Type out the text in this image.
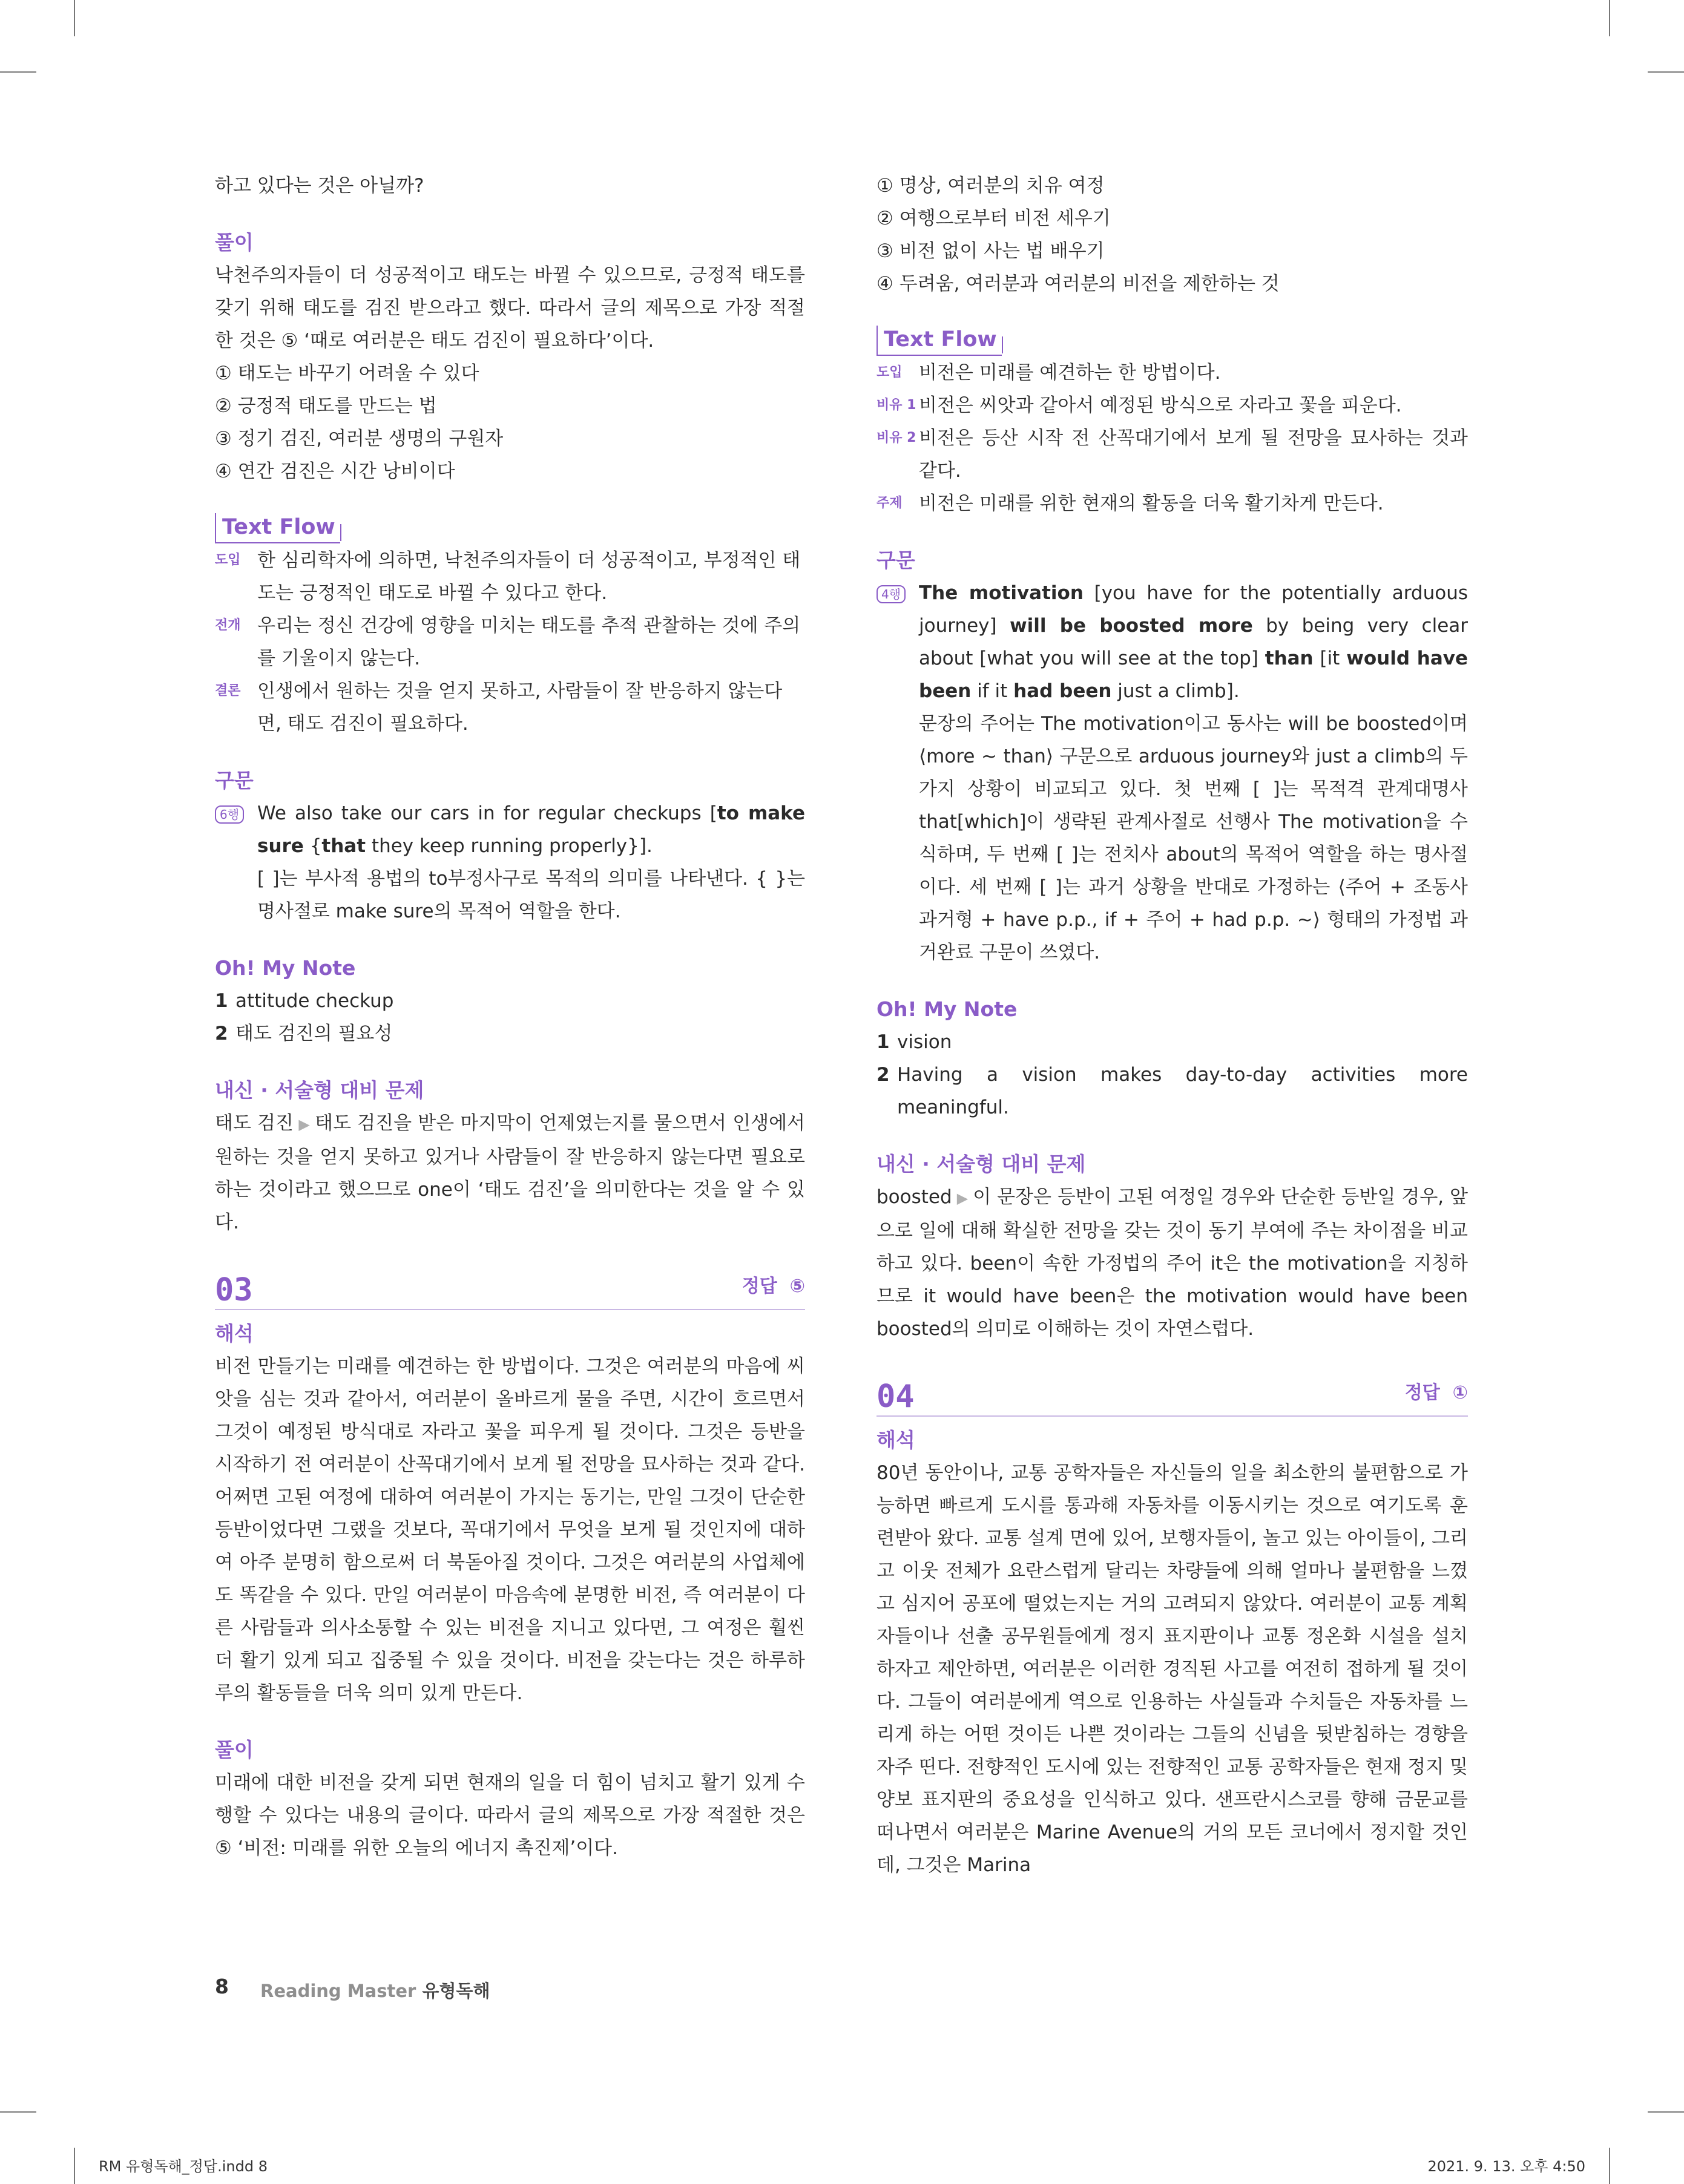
하고 있다는 것은 아닐까?

풀이

낙천주의자들이 더 성공적이고 태도는 바뀔 수 있으므로, 긍정적 태도를 갖기 위해 태도를 검진 받으라고 했다. 따라서 글의 제목으로 가장 적절한 것은 ⑤ ‘때로 여러분은 태도 검진이 필요하다’이다.

① 태도는 바꾸기 어려울 수 있다

② 긍정적 태도를 만드는 법

③ 정기 검진, 여러분 생명의 구원자

④ 연간 검진은 시간 낭비이다

Text Flow
도입 한 심리학자에 의하면, 낙천주의자들이 더 성공적이고, 부정적인 태도는 긍정적인 태도로 바뀔 수 있다고 한다.
전개 우리는 정신 건강에 영향을 미치는 태도를 추적 관찰하는 것에 주의를 기울이지 않는다.
결론 인생에서 원하는 것을 얻지 못하고, 사람들이 잘 반응하지 않는다면, 태도 검진이 필요하다.
구문
6행 We also take our cars in for regular checkups [to make sure {that they keep running properly}].

[ ]는 부사적 용법의 to부정사구로 목적의 의미를 나타낸다. { }는 명사절로 make sure의 목적어 역할을 한다.

Oh! My Note
1 attitude checkup
2 태도 검진의 필요성
내신 · 서술형 대비 문제

태도 검진 ▶ 태도 검진을 받은 마지막이 언제였는지를 물으면서 인생에서 원하는 것을 얻지 못하고 있거나 사람들이 잘 반응하지 않는다면 필요로 하는 것이라고 했으므로 one이 ‘태도 검진’을 의미한다는 것을 알 수 있다.

03	정답 ⑤
해석

비전 만들기는 미래를 예견하는 한 방법이다. 그것은 여러분의 마음에 씨앗을 심는 것과 같아서, 여러분이 올바르게 물을 주면, 시간이 흐르면서 그것이 예정된 방식대로 자라고 꽃을 피우게 될 것이다. 그것은 등반을 시작하기 전 여러분이 산꼭대기에서 보게 될 전망을 묘사하는 것과 같다. 어쩌면 고된 여정에 대하여 여러분이 가지는 동기는, 만일 그것이 단순한 등반이었다면 그랬을 것보다, 꼭대기에서 무엇을 보게 될 것인지에 대하여 아주 분명히 함으로써 더 북돋아질 것이다. 그것은 여러분의 사업체에도 똑같을 수 있다. 만일 여러분이 마음속에 분명한 비전, 즉 여러분이 다른 사람들과 의사소통할 수 있는 비전을 지니고 있다면, 그 여정은 훨씬 더 활기 있게 되고 집중될 수 있을 것이다. 비전을 갖는다는 것은 하루하루의 활동들을 더욱 의미 있게 만든다.

풀이

미래에 대한 비전을 갖게 되면 현재의 일을 더 힘이 넘치고 활기 있게 수행할 수 있다는 내용의 글이다. 따라서 글의 제목으로 가장 적절한 것은 ⑤ ‘비전: 미래를 위한 오늘의 에너지 촉진제’이다.

① 명상, 여러분의 치유 여정

② 여행으로부터 비전 세우기

③ 비전 없이 사는 법 배우기

④ 두려움, 여러분과 여러분의 비전을 제한하는 것

Text Flow
도입 비전은 미래를 예견하는 한 방법이다.
비유 1 비전은 씨앗과 같아서 예정된 방식으로 자라고 꽃을 피운다.
비유 2 비전은 등산 시작 전 산꼭대기에서 보게 될 전망을 묘사하는 것과 같다.
주제 비전은 미래를 위한 현재의 활동을 더욱 활기차게 만든다.
구문
4행 The motivation [you have for the potentially arduous journey] will be boosted more by being very clear about [what you will see at the top] than [it would have been if it had been just a climb].

문장의 주어는 The motivation이고 동사는 will be boosted이며 ⟨more ~ than⟩ 구문으로 arduous journey와 just a climb의 두 가지 상황이 비교되고 있다. 첫 번째 [ ]는 목적격 관계대명사 that[which]이 생략된 관계사절로 선행사 The motivation을 수식하며, 두 번째 [ ]는 전치사 about의 목적어 역할을 하는 명사절이다. 세 번째 [ ]는 과거 상황을 반대로 가정하는 ⟨주어 + 조동사 과거형 + have p.p., if + 주어 + had p.p. ~⟩ 형태의 가정법 과거완료 구문이 쓰였다.

Oh! My Note
1 vision
2 Having a vision makes day-to-day activities more meaningful.
내신 · 서술형 대비 문제

boosted ▶ 이 문장은 등반이 고된 여정일 경우와 단순한 등반일 경우, 앞으로 일에 대해 확실한 전망을 갖는 것이 동기 부여에 주는 차이점을 비교하고 있다. been이 속한 가정법의 주어 it은 the motivation을 지칭하므로 it would have been은 the motivation would have been boosted의 의미로 이해하는 것이 자연스럽다.

04	정답 ①
해석

80년 동안이나, 교통 공학자들은 자신들의 일을 최소한의 불편함으로 가능하면 빠르게 도시를 통과해 자동차를 이동시키는 것으로 여기도록 훈련받아 왔다. 교통 설계 면에 있어, 보행자들이, 놀고 있는 아이들이, 그리고 이웃 전체가 요란스럽게 달리는 차량들에 의해 얼마나 불편함을 느꼈고 심지어 공포에 떨었는지는 거의 고려되지 않았다. 여러분이 교통 계획자들이나 선출 공무원들에게 정지 표지판이나 교통 정온화 시설을 설치하자고 제안하면, 여러분은 이러한 경직된 사고를 여전히 접하게 될 것이다. 그들이 여러분에게 역으로 인용하는 사실들과 수치들은 자동차를 느리게 하는 어떤 것이든 나쁜 것이라는 그들의 신념을 뒷받침하는 경향을 자주 띤다. 전향적인 도시에 있는 전향적인 교통 공학자들은 현재 정지 및 양보 표지판의 중요성을 인식하고 있다. 샌프란시스코를 향해 금문교를 떠나면서 여러분은 Marine Avenue의 거의 모든 코너에서 정지할 것인데, 그것은 Marina

8 Reading Master 유형독해
RM 유형독해_정답.indd 8	2021. 9. 13. 오후 4:50
